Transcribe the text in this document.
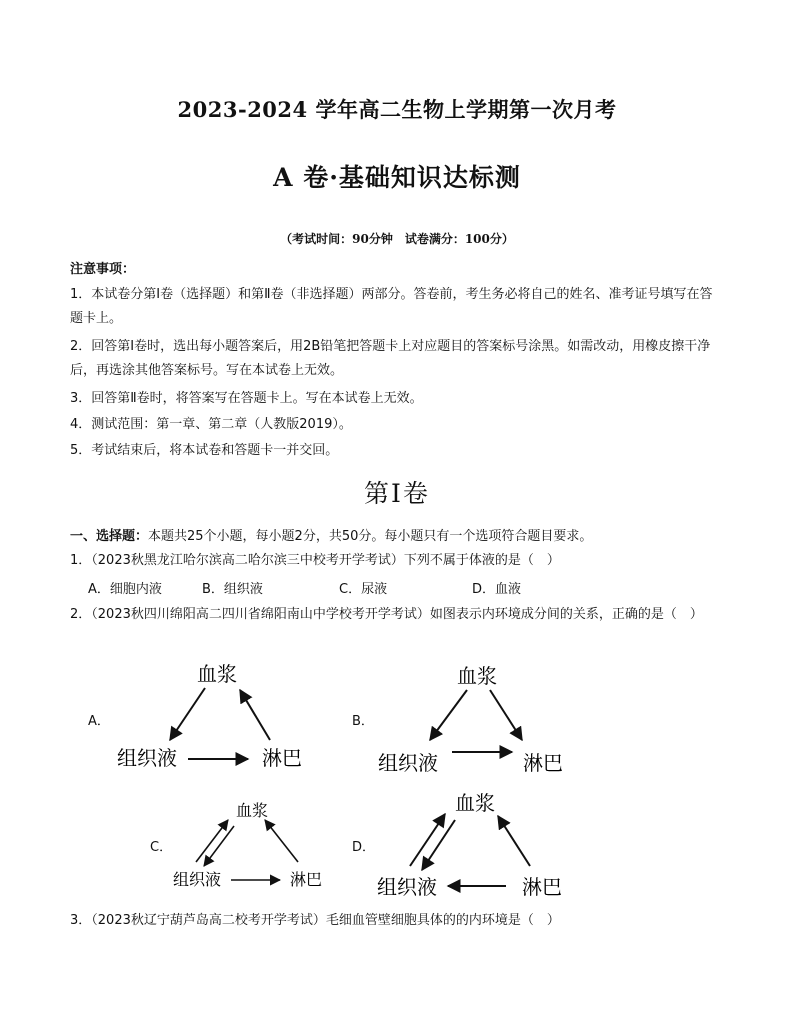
2023-2024 学年高二生物上学期第一次月考
A 卷·基础知识达标测
（考试时间：90分钟　试卷满分：100分）
注意事项：
1．本试卷分第Ⅰ卷（选择题）和第Ⅱ卷（非选择题）两部分。答卷前，考生务必将自己的姓名、准考证号填写在答题卡上。
2．回答第Ⅰ卷时，选出每小题答案后，用2B铅笔把答题卡上对应题目的答案标号涂黑。如需改动，用橡皮擦干净后，再选涂其他答案标号。写在本试卷上无效。
3．回答第Ⅱ卷时，将答案写在答题卡上。写在本试卷上无效。
4．测试范围：第一章、第二章（人教版2019）。
5．考试结束后，将本试卷和答题卡一并交回。
第Ⅰ卷
一、选择题：本题共25个小题，每小题2分，共50分。每小题只有一个选项符合题目要求。
1．（2023秋黑龙江哈尔滨高二哈尔滨三中校考开学考试）下列不属于体液的是（　）
A．细胞内液	B．组织液	C．尿液	D．血液
2．（2023秋四川绵阳高二四川省绵阳南山中学校考开学考试）如图表示内环境成分间的关系，正确的是（　）
A．	B．
C．	D．
血浆
组织液	淋巴
血浆
组织液	淋巴
血浆
组织液	淋巴
血浆
组织液	淋巴
3．（2023秋辽宁葫芦岛高二校考开学考试）毛细血管壁细胞具体的的内环境是（　）
